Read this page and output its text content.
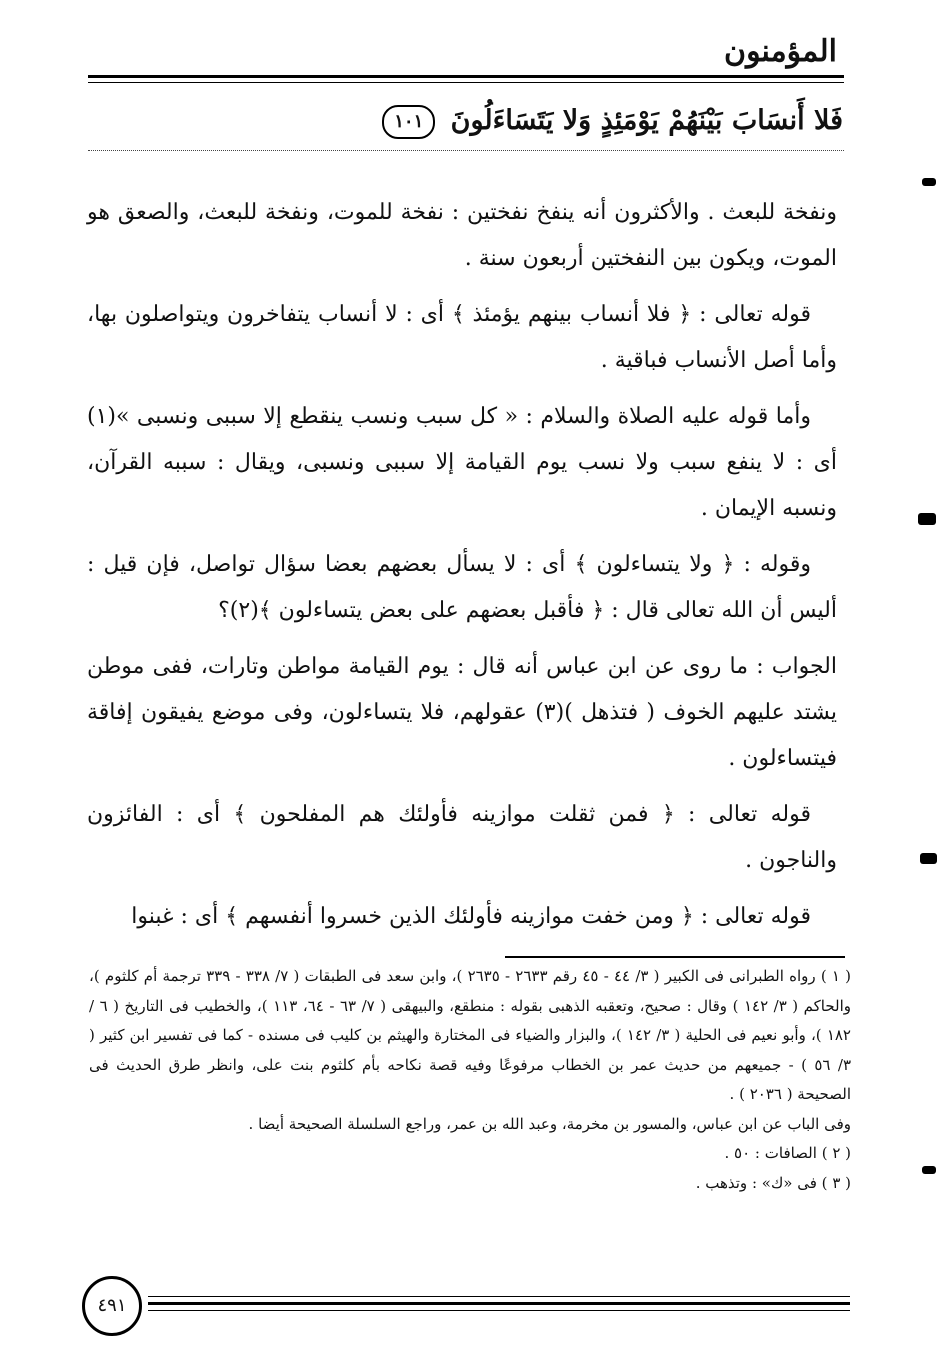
المؤمنون
فَلا أَنسَابَ بَيْنَهُمْ يَوْمَئِذٍ وَلا يَتَسَاءَلُونَ ١٠١

ونفخة للبعث . والأكثرون أنه ينفخ نفختين : نفخة للموت، ونفخة للبعث، والصعق هو الموت، ويكون بين النفختين أربعون سنة .

قوله تعالى : ﴿ فلا أنساب بينهم يؤمئذ ﴾ أى : لا أنساب يتفاخرون ويتواصلون بها، وأما أصل الأنساب فباقية .

وأما قوله عليه الصلاة والسلام : « كل سبب ونسب ينقطع إلا سببى ونسبى »(١) أى : لا ينفع سبب ولا نسب يوم القيامة إلا سببى ونسبى، ويقال : سببه القرآن، ونسبه الإيمان .

وقوله : ﴿ ولا يتساءلون ﴾ أى : لا يسأل بعضهم بعضا سؤال تواصل، فإن قيل : أليس أن الله تعالى قال : ﴿ فأقبل بعضهم على بعض يتساءلون ﴾(٢)؟

الجواب : ما روى عن ابن عباس أنه قال : يوم القيامة مواطن وتارات، ففى موطن يشتد عليهم الخوف ( فتذهل )(٣) عقولهم، فلا يتساءلون، وفى موضع يفيقون إفاقة فيتساءلون .

قوله تعالى : ﴿ فمن ثقلت موازينه فأولئك هم المفلحون ﴾ أى : الفائزون والناجون .

قوله تعالى : ﴿ ومن خفت موازينه فأولئك الذين خسروا أنفسهم ﴾ أى : غبنوا

( ١ ) رواه الطبرانى فى الكبير ( ٣/ ٤٤ - ٤٥ رقم ٢٦٣٣ - ٢٦٣٥ )، وابن سعد فى الطبقات ( ٧/ ٣٣٨ - ٣٣٩ ترجمة أم كلثوم )، والحاكم ( ٣/ ١٤٢ ) وقال : صحيح، وتعقبه الذهبى بقوله : منطقع، والبيهقى ( ٧/ ٦٣ - ٦٤، ١١٣ )، والخطيب فى التاريخ ( ٦ / ١٨٢ )، وأبو نعيم فى الحلية ( ٣/ ١٤٢ )، والبزار والضياء فى المختارة والهيثم بن كليب فى مسنده - كما فى تفسير ابن كثير ( ٣/ ٥٦ ) - جميعهم من حديث عمر بن الخطاب مرفوعًا وفيه قصة نكاحه بأم كلثوم بنت على، وانظر طرق الحديث فى الصحيحة ( ٢٠٣٦ ) .

وفى الباب عن ابن عباس، والمسور بن مخرمة، وعبد الله بن عمر، وراجع السلسلة الصحيحة أيضا .

( ٢ ) الصافات : ٥٠ .

( ٣ ) فى «ك» : وتذهب .

٤٩١
